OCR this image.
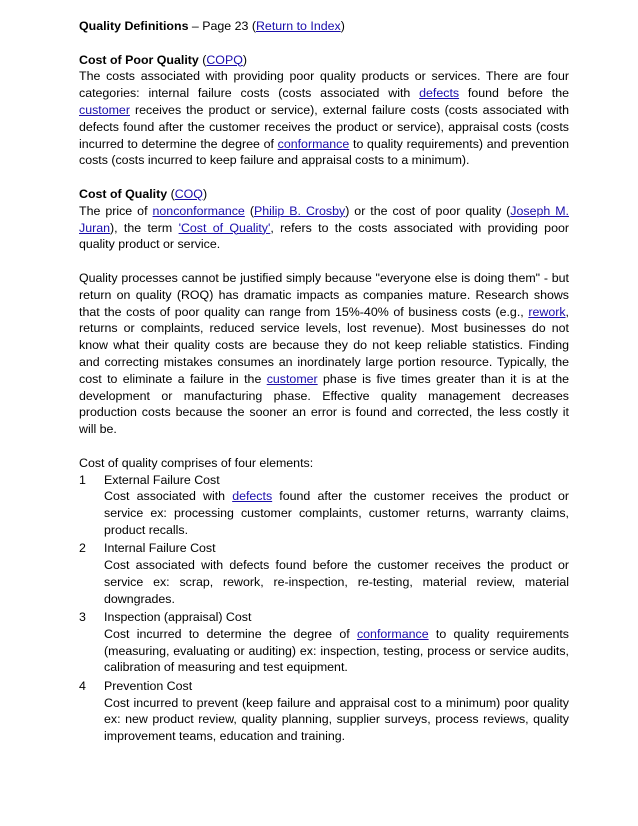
Quality Definitions – Page 23 (Return to Index)

Cost of Poor Quality (COPQ)

The costs associated with providing poor quality products or services. There are four categories: internal failure costs (costs associated with defects found before the customer receives the product or service), external failure costs (costs associated with defects found after the customer receives the product or service), appraisal costs (costs incurred to determine the degree of conformance to quality requirements) and prevention costs (costs incurred to keep failure and appraisal costs to a minimum).

Cost of Quality (COQ)

The price of nonconformance (Philip B. Crosby) or the cost of poor quality (Joseph M. Juran), the term 'Cost of Quality', refers to the costs associated with providing poor quality product or service.

Quality processes cannot be justified simply because "everyone else is doing them" - but return on quality (ROQ) has dramatic impacts as companies mature. Research shows that the costs of poor quality can range from 15%-40% of business costs (e.g., rework, returns or complaints, reduced service levels, lost revenue). Most businesses do not know what their quality costs are because they do not keep reliable statistics. Finding and correcting mistakes consumes an inordinately large portion resource. Typically, the cost to eliminate a failure in the customer phase is five times greater than it is at the development or manufacturing phase. Effective quality management decreases production costs because the sooner an error is found and corrected, the less costly it will be.

Cost of quality comprises of four elements:

1	External Failure Cost
Cost associated with defects found after the customer receives the product or service ex: processing customer complaints, customer returns, warranty claims, product recalls.
2	Internal Failure Cost
Cost associated with defects found before the customer receives the product or service ex: scrap, rework, re-inspection, re-testing, material review, material downgrades.
3	Inspection (appraisal) Cost
Cost incurred to determine the degree of conformance to quality requirements (measuring, evaluating or auditing) ex: inspection, testing, process or service audits, calibration of measuring and test equipment.
4	Prevention Cost
Cost incurred to prevent (keep failure and appraisal cost to a minimum) poor quality ex: new product review, quality planning, supplier surveys, process reviews, quality improvement teams, education and training.
